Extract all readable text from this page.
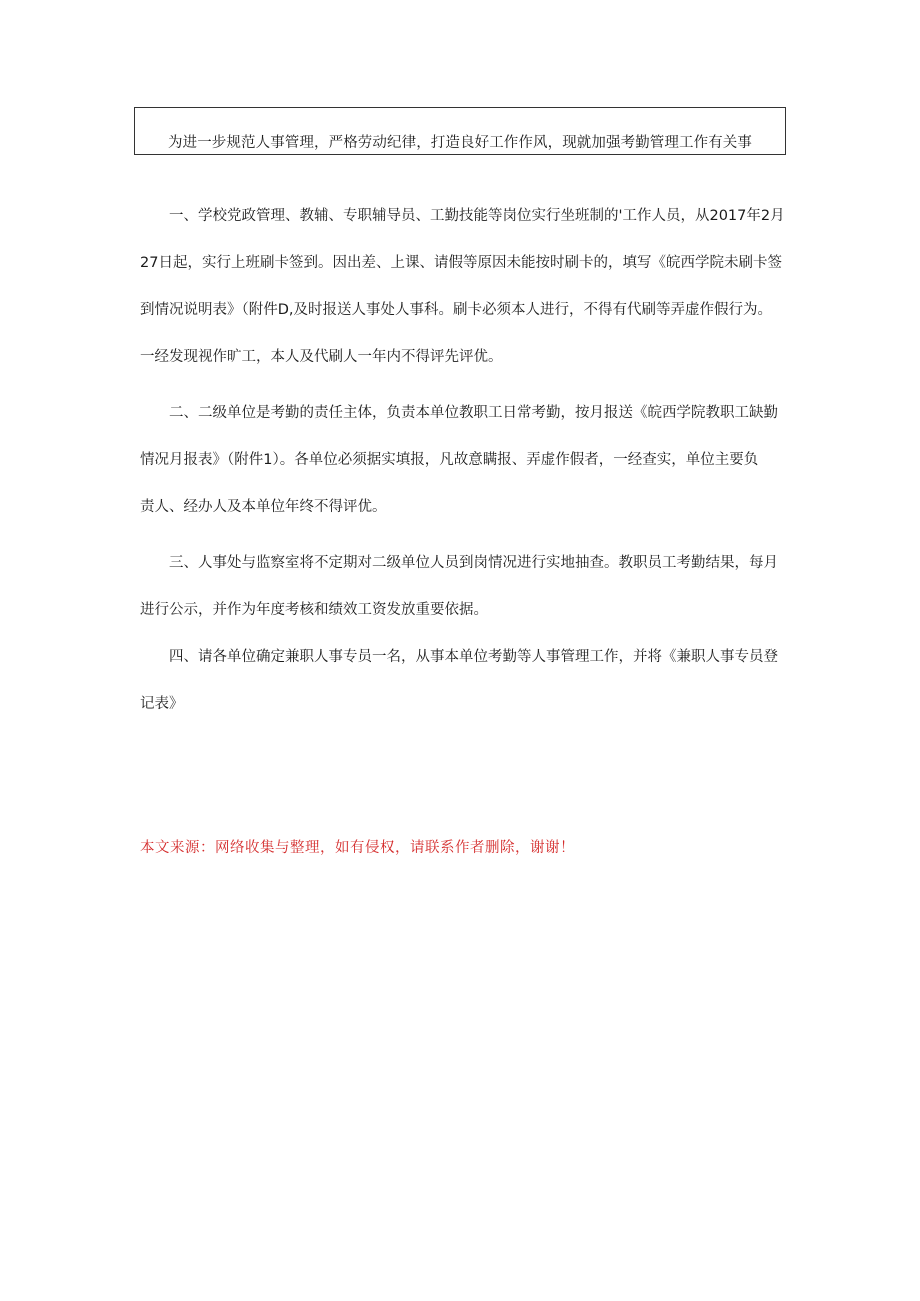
为进一步规范人事管理，严格劳动纪律，打造良好工作作风，现就加强考勤管理工作有关事
一、学校党政管理、教辅、专职辅导员、工勤技能等岗位实行坐班制的'工作人员，从2017年2月
27日起，实行上班刷卡签到。因出差、上课、请假等原因未能按时刷卡的，填写《皖西学院未刷卡签
到情况说明表》（附件D,及时报送人事处人事科。刷卡必须本人进行，不得有代刷等弄虚作假行为。
一经发现视作旷工，本人及代刷人一年内不得评先评优。
二、二级单位是考勤的责任主体，负责本单位教职工日常考勤，按月报送《皖西学院教职工缺勤
情况月报表》（附件1）。各单位必须据实填报，凡故意瞒报、弄虚作假者，一经查实，单位主要负
责人、经办人及本单位年终不得评优。
三、人事处与监察室将不定期对二级单位人员到岗情况进行实地抽查。教职员工考勤结果，每月
进行公示，并作为年度考核和绩效工资发放重要依据。
四、请各单位确定兼职人事专员一名，从事本单位考勤等人事管理工作，并将《兼职人事专员登
记表》
本文来源：网络收集与整理，如有侵权，请联系作者删除，谢谢！
